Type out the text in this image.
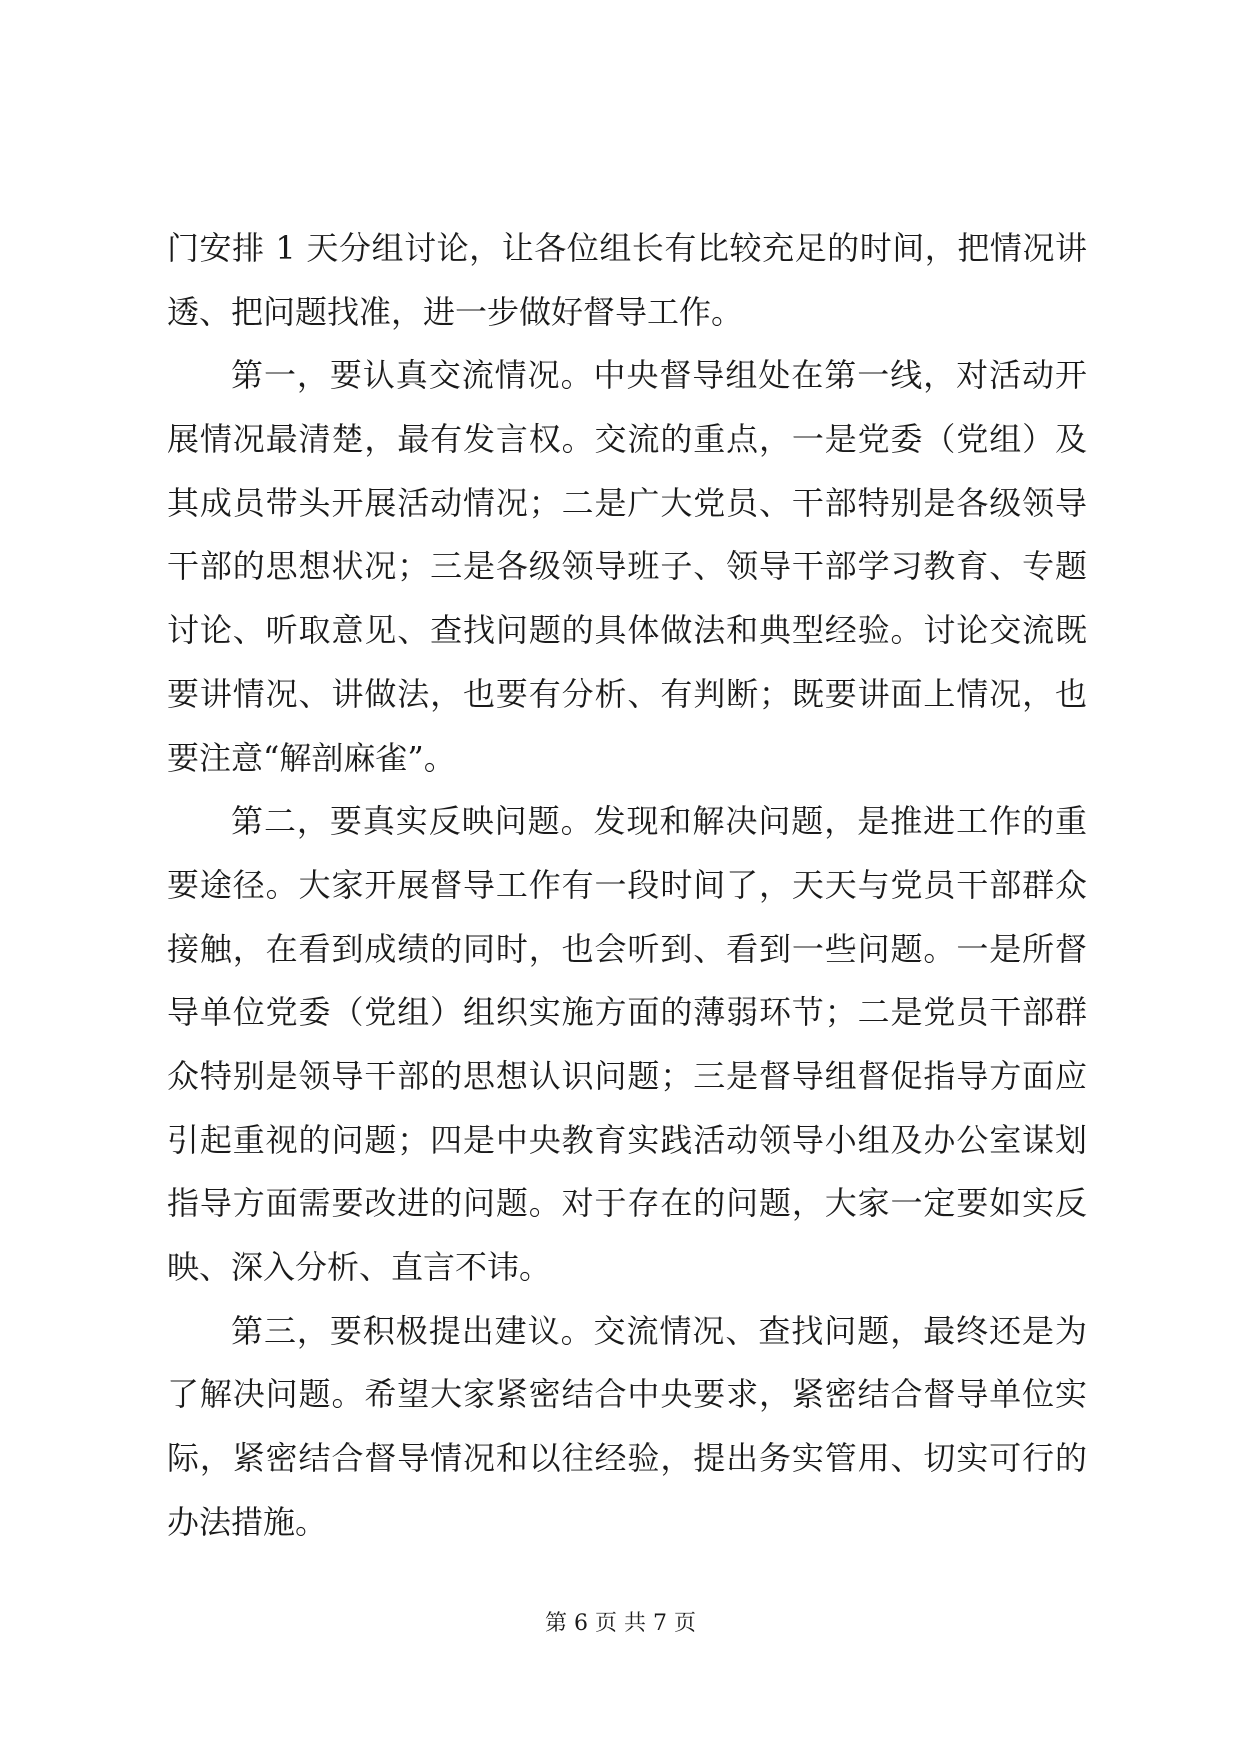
门安排 1 天分组讨论，让各位组长有比较充足的时间，把情况讲
透、把问题找准，进一步做好督导工作。
第一，要认真交流情况。中央督导组处在第一线，对活动开
展情况最清楚，最有发言权。交流的重点，一是党委（党组）及
其成员带头开展活动情况；二是广大党员、干部特别是各级领导
干部的思想状况；三是各级领导班子、领导干部学习教育、专题
讨论、听取意见、查找问题的具体做法和典型经验。讨论交流既
要讲情况、讲做法，也要有分析、有判断；既要讲面上情况，也
要注意“解剖麻雀”。
第二，要真实反映问题。发现和解决问题，是推进工作的重
要途径。大家开展督导工作有一段时间了，天天与党员干部群众
接触，在看到成绩的同时，也会听到、看到一些问题。一是所督
导单位党委（党组）组织实施方面的薄弱环节；二是党员干部群
众特别是领导干部的思想认识问题；三是督导组督促指导方面应
引起重视的问题；四是中央教育实践活动领导小组及办公室谋划
指导方面需要改进的问题。对于存在的问题，大家一定要如实反
映、深入分析、直言不讳。
第三，要积极提出建议。交流情况、查找问题，最终还是为
了解决问题。希望大家紧密结合中央要求，紧密结合督导单位实
际，紧密结合督导情况和以往经验，提出务实管用、切实可行的
办法措施。
第 6 页 共 7 页
